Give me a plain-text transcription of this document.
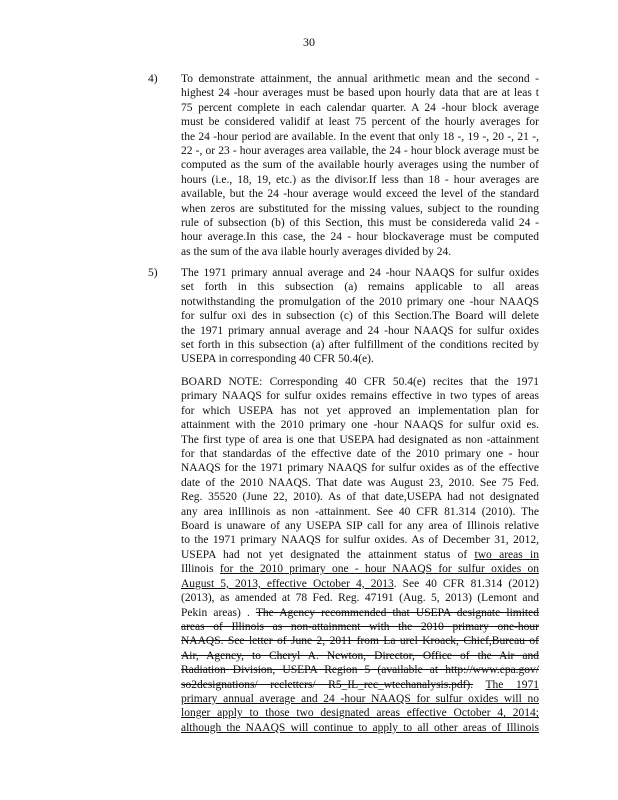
30
4) To demonstrate attainment, the annual arithmetic mean and the second -
highest 24 -hour averages must be based upon hourly data that are at leas t
75 percent complete in each calendar quarter. A 24 -hour block average
must be considered validif at least 75 percent of the hourly averages for
the 24 -hour period are available. In the event that only 18 -, 19 -, 20 -, 21 -,
22 -, or 23 - hour averages area vailable, the 24 - hour block average must be
computed as the sum of the available hourly averages using the number of
hours (i.e., 18, 19, etc.) as the divisor.If less than 18 - hour averages are
available, but the 24 -hour average would exceed the level of the standard
when zeros are substituted for the missing values, subject to the rounding
rule of subsection (b) of this Section, this must be considereda valid 24 -
hour average.In this case, the 24 - hour blockaverage must be computed
as the sum of the ava ilable hourly averages divided by 24.
5) The 1971 primary annual average and 24 -hour NAAQS for sulfur oxides
set forth in this subsection (a) remains applicable to all areas
notwithstanding the promulgation of the 2010 primary one -hour NAAQS
for sulfur oxi des in subsection (c) of this Section.The Board will delete
the 1971 primary annual average and 24 -hour NAAQS for sulfur oxides
set forth in this subsection (a) after fulfillment of the conditions recited by
USEPA in corresponding 40 CFR 50.4(e).
BOARD NOTE: Corresponding 40 CFR 50.4(e) recites that the 1971
primary NAAQS for sulfur oxides remains effective in two types of areas
for which USEPA has not yet approved an implementation plan for
attainment with the 2010 primary one -hour NAAQS for sulfur oxid es.
The first type of area is one that USEPA had designated as non -attainment
for that standardas of the effective date of the 2010 primary one - hour
NAAQS for the 1971 primary NAAQS for sulfur oxides as of the effective
date of the 2010 NAAQS. That date was August 23, 2010. See 75 Fed.
Reg. 35520 (June 22, 2010). As of that date,USEPA had not designated
any area inIllinois as non -attainment. See 40 CFR 81.314 (2010). The
Board is unaware of any USEPA SIP call for any area of Illinois relative
to the 1971 primary NAAQS for sulfur oxides. As of December 31, 2012,
USEPA had not yet designated the attainment status of two areas in
Illinois for the 2010 primary one - hour NAAQS for sulfur oxides on
August 5, 2013, effective October 4, 2013. See 40 CFR 81.314 (2012)
(2013), as amended at 78 Fed. Reg. 47191 (Aug. 5, 2013) (Lemont and
Pekin areas) . The Agency recommended that USEPA designate limited
areas of Illinois as non-attainment with the 2010 primary one-hour
NAAQS. See letter of June 2, 2011 from La urel Kroack, Chief,Bureau of
Air, Agency, to Cheryl A. Newton, Director, Office of the Air and
Radiation Division, USEPA Region 5 (available at http://www.epa.gov/
so2designations/ recletters/ R5_IL_rec_wtechanalysis.pdf). The 1971
primary annual average and 24 -hour NAAQS for sulfur oxides will no
longer apply to those two designated areas effective October 4, 2014;
although the NAAQS will continue to apply to all other areas of Illinois
